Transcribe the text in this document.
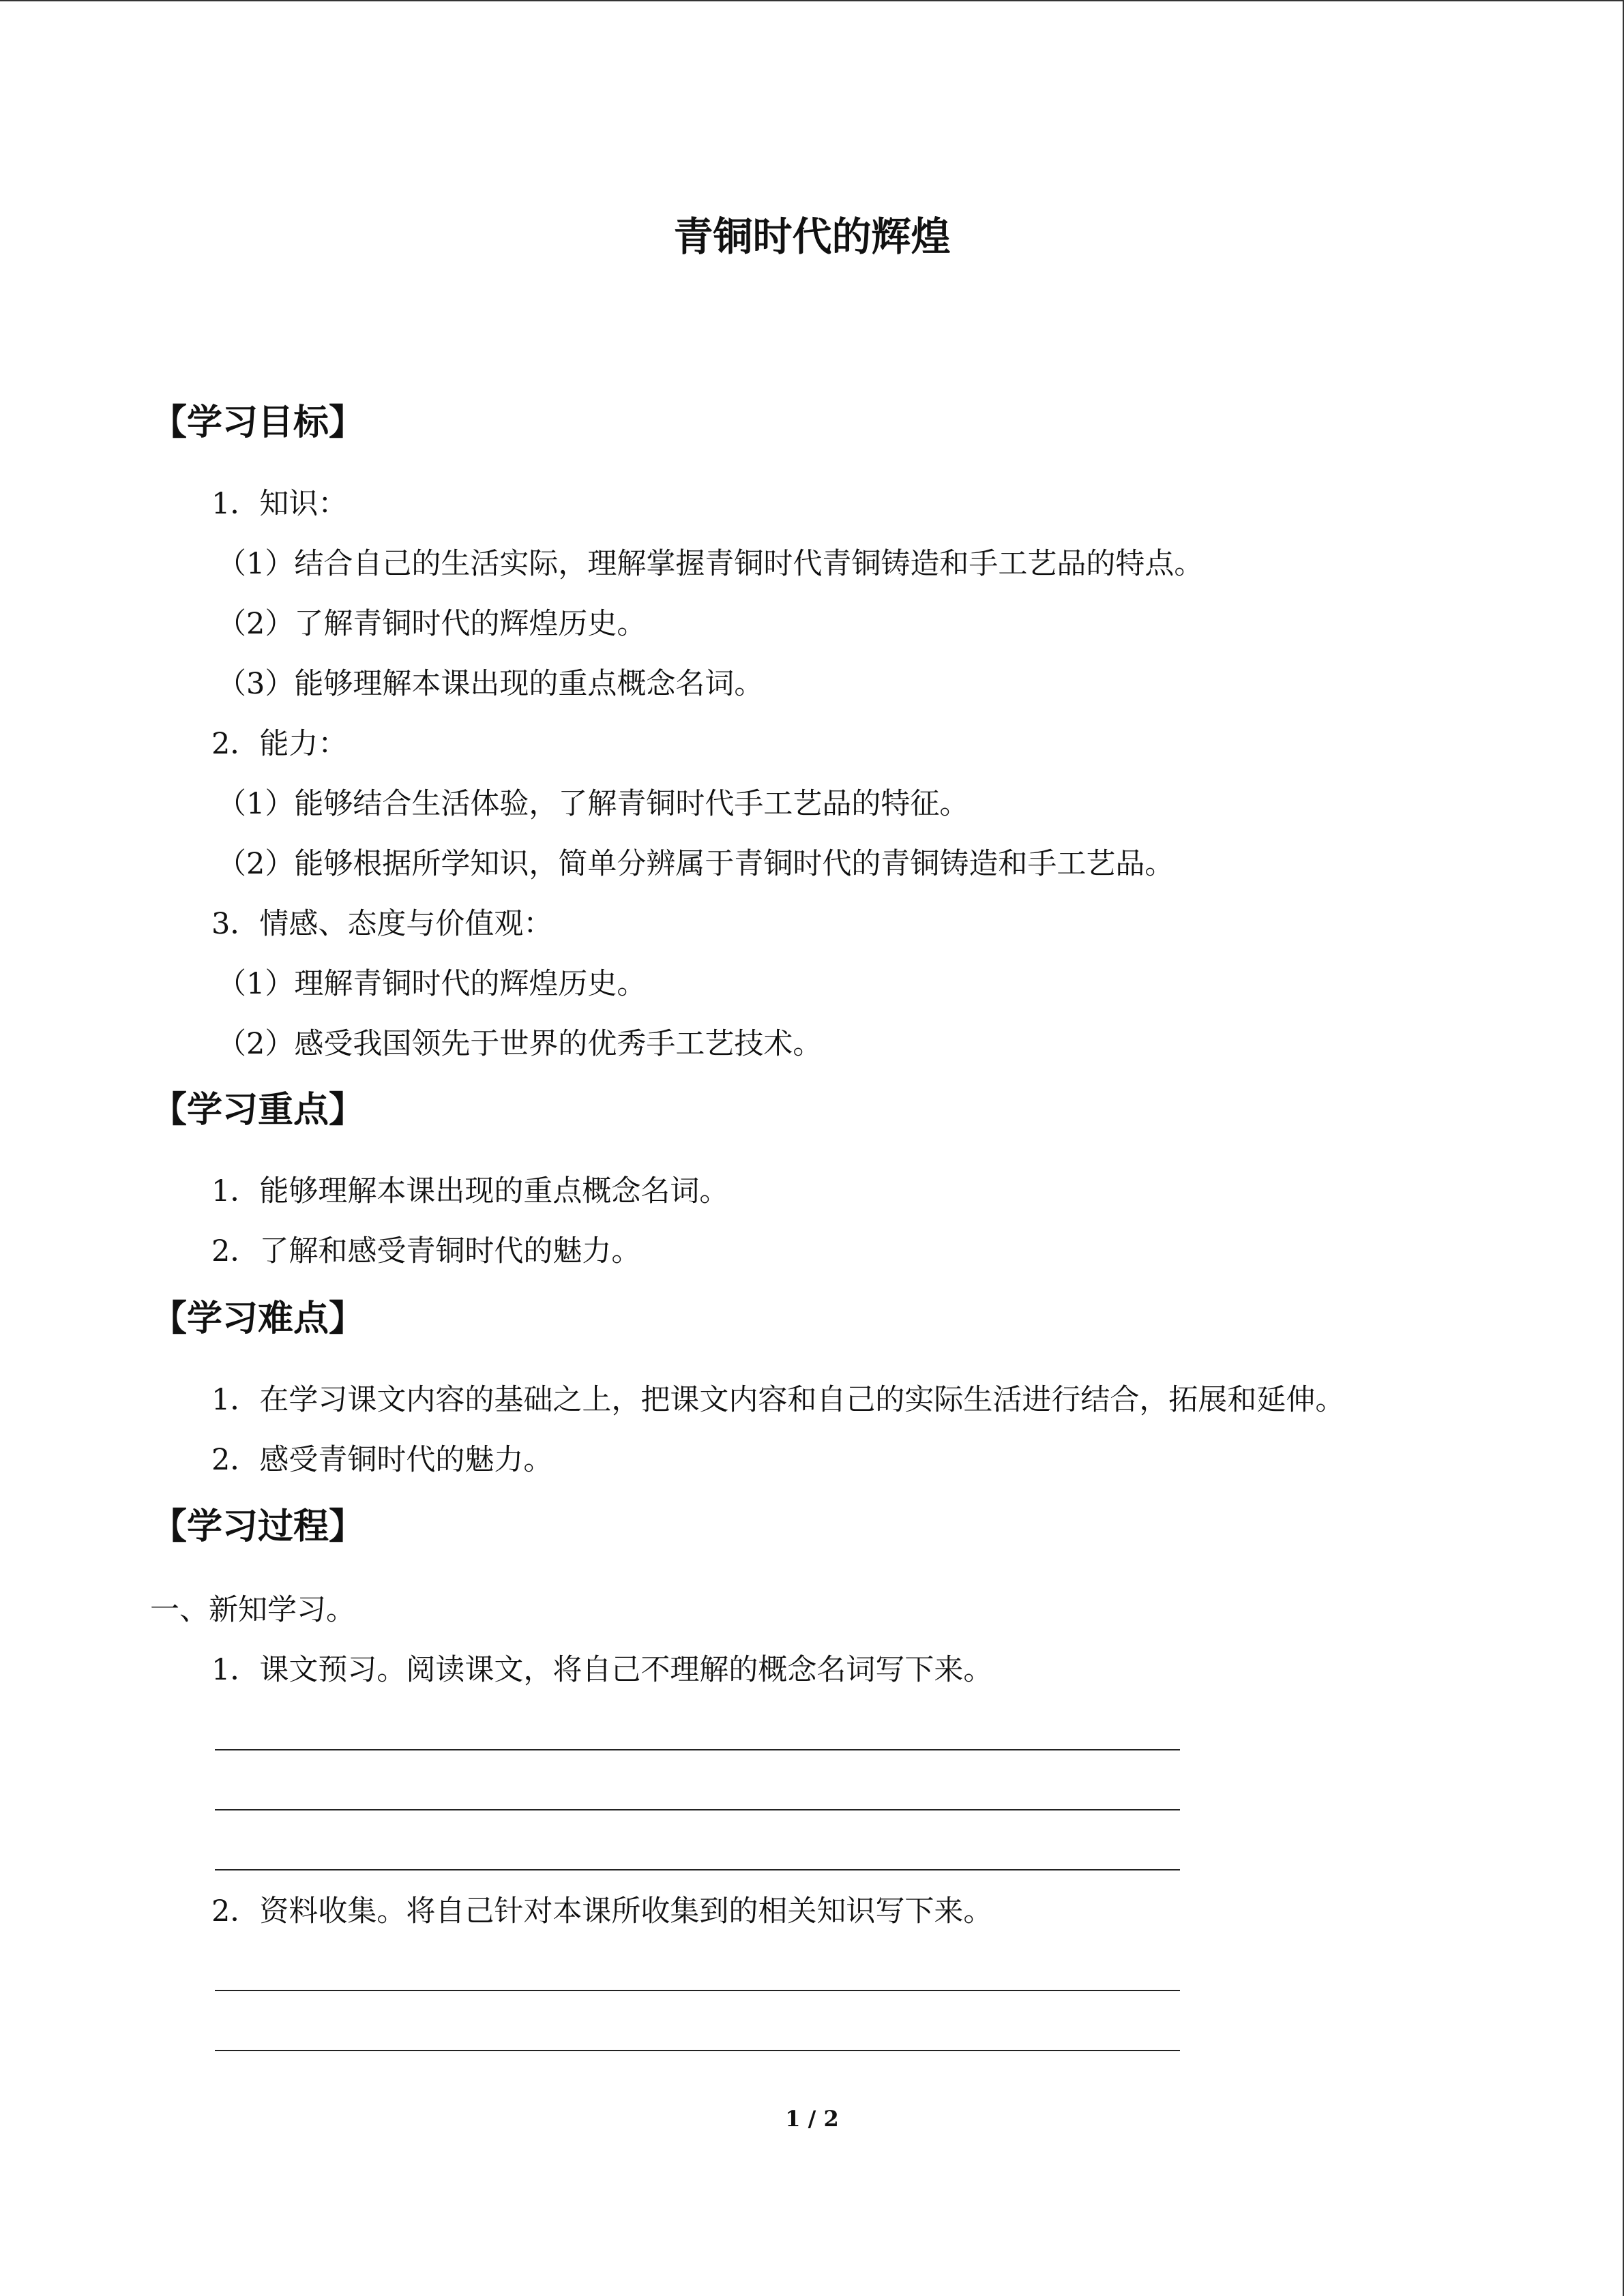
青铜时代的辉煌
【学习目标】
1．知识：
（1）结合自己的生活实际，理解掌握青铜时代青铜铸造和手工艺品的特点。
（2）了解青铜时代的辉煌历史。
（3）能够理解本课出现的重点概念名词。
2．能力：
（1）能够结合生活体验，了解青铜时代手工艺品的特征。
（2）能够根据所学知识，简单分辨属于青铜时代的青铜铸造和手工艺品。
3．情感、态度与价值观：
（1）理解青铜时代的辉煌历史。
（2）感受我国领先于世界的优秀手工艺技术。
【学习重点】
1．能够理解本课出现的重点概念名词。
2．了解和感受青铜时代的魅力。
【学习难点】
1．在学习课文内容的基础之上，把课文内容和自己的实际生活进行结合，拓展和延伸。
2．感受青铜时代的魅力。
【学习过程】
一、新知学习。
1．课文预习。阅读课文，将自己不理解的概念名词写下来。
2．资料收集。将自己针对本课所收集到的相关知识写下来。
1 / 2
